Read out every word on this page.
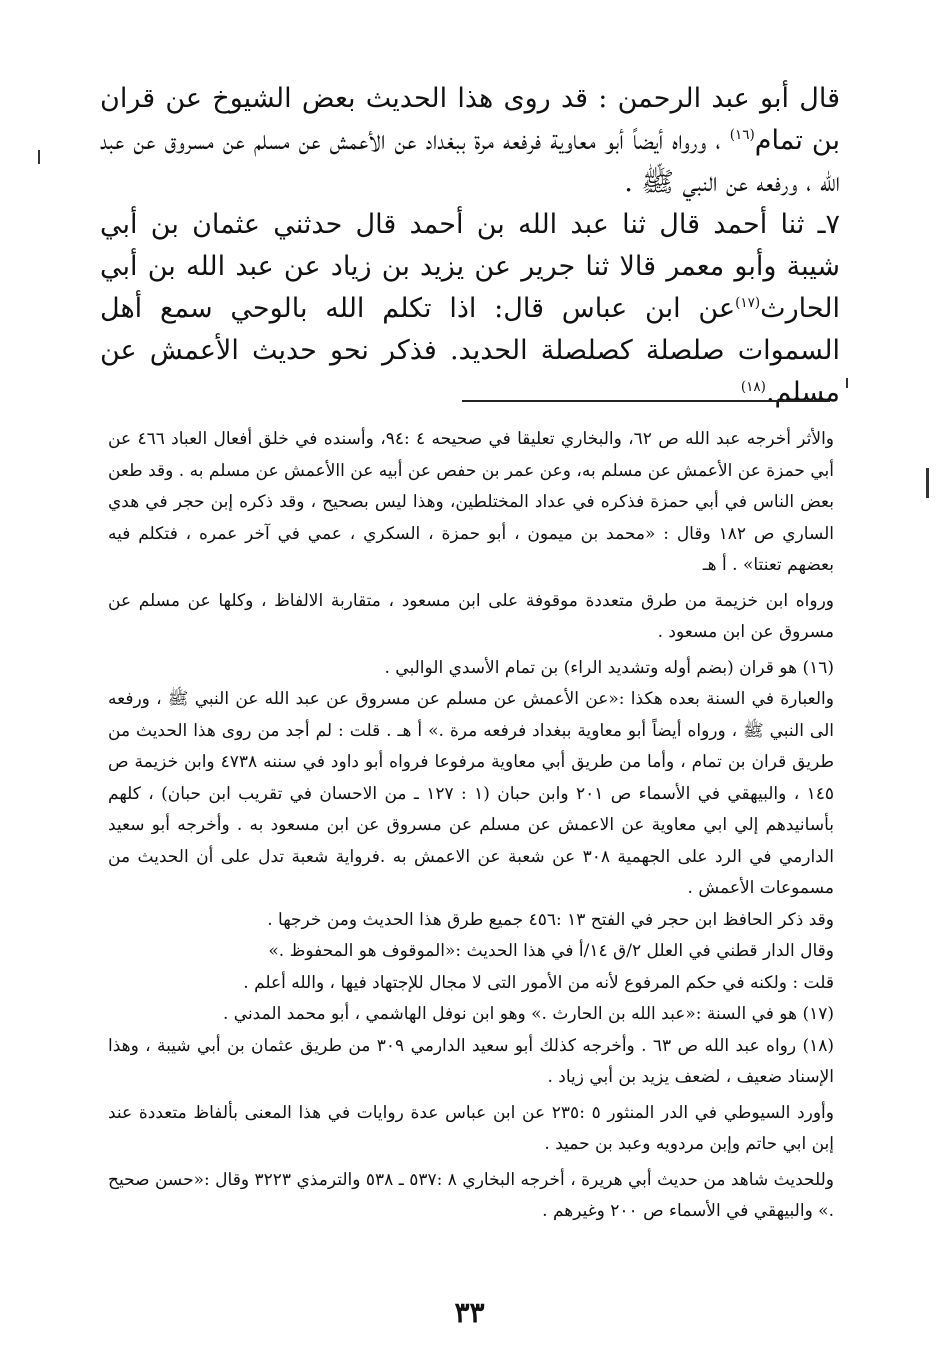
قال أبو عبد الرحمن : قد روى هذا الحديث بعض الشيوخ عن قران بن تمام$^{(١٦)}$ ، ورواه أيضاً أبو معاوية فرفعه مرة ببغداد عن الأعمش عن مسلم عن مسروق عن عبد الله ، ورفعه عن النبي ﷺ .

٧ـ ثنا أحمد قال ثنا عبد الله بن أحمد قال حدثني عثمان بن أبي شيبة وأبو معمر قالا ثنا جرير عن يزيد بن زياد عن عبد الله بن أبي الحارث$^{(١٧)}$عن ابن عباس قال: اذا تكلم الله بالوحي سمع أهل السموات صلصلة كصلصلة الحديد. فذكر نحو حديث الأعمش عن مسلم.$^{(١٨)}$

والأثر أخرجه عبد الله ص ٦٢، والبخاري تعليقا في صحيحه ٤ :٩٤، وأسنده في خلق أفعال العباد ٤٦٦ عن أبي حمزة عن الأعمش عن مسلم به، وعن عمر بن حفص عن أبيه عن االأعمش عن مسلم به . وقد طعن بعض الناس في أبي حمزة فذكره في عداد المختلطين، وهذا ليس بصحيح ، وقد ذكره إبن حجر في هدي الساري ص ١٨٢ وقال : «محمد بن ميمون ، أبو حمزة ، السكري ، عمي في آخر عمره ، فتكلم فيه بعضهم تعنتا» . أ هـ

ورواه ابن خزيمة من طرق متعددة موقوفة على ابن مسعود ، متقاربة الالفاظ ، وكلها عن مسلم عن مسروق عن ابن مسعود .

(١٦) هو قران (بضم أوله وتشديد الراء) بن تمام الأسدي الوالبي .

والعبارة في السنة بعده هكذا :«عن الأعمش عن مسلم عن مسروق عن عبد الله عن النبي ﷺ ، ورفعه الى النبي ﷺ ، ورواه أيضاً أبو معاوية ببغداد فرفعه مرة .» أ هـ . قلت : لم أجد من روى هذا الحديث من طريق قران بن تمام ، وأما من طريق أبي معاوية مرفوعا فرواه أبو داود في سننه ٤٧٣٨ وابن خزيمة ص ١٤٥ ، والبيهقي في الأسماء ص ٢٠١ وابن حبان (١ : ١٢٧ ـ من الاحسان في تقريب ابن حبان) ، كلهم بأسانيدهم إلي ابي معاوية عن الاعمش عن مسلم عن مسروق عن ابن مسعود به . وأخرجه أبو سعيد الدارمي في الرد على الجهمية ٣٠٨ عن شعبة عن الاعمش به .فرواية شعبة تدل على أن الحديث من مسموعات الأعمش .

وقد ذكر الحافظ ابن حجر في الفتح ١٣ :٤٥٦ جميع طرق هذا الحديث ومن خرجها .

وقال الدار قطني في العلل ٢/ق ١٤/أ في هذا الحديث :«الموقوف هو المحفوظ .»

قلت : ولكنه في حكم المرفوع لأنه من الأمور التى لا مجال للإجتهاد فيها ، والله أعلم .

(١٧) هو في السنة :«عبد الله بن الحارث .» وهو ابن نوفل الهاشمي ، أبو محمد المدني .

(١٨) رواه عبد الله ص ٦٣ . وأخرجه كذلك أبو سعيد الدارمي ٣٠٩ من طريق عثمان بن أبي شيبة ، وهذا الإسناد ضعيف ، لضعف يزيد بن أبي زياد .

وأورد السيوطي في الدر المنثور ٥ :٢٣٥ عن ابن عباس عدة روايات في هذا المعنى بألفاظ متعددة عند إبن ابي حاتم وإبن مردويه وعبد بن حميد .

وللحديث شاهد من حديث أبي هريرة ، أخرجه البخاري ٨ :٥٣٧ ـ ٥٣٨ والترمذي ٣٢٢٣ وقال :«حسن صحيح .» والبيهقي في الأسماء ص ٢٠٠ وغيرهم .

٣٣
